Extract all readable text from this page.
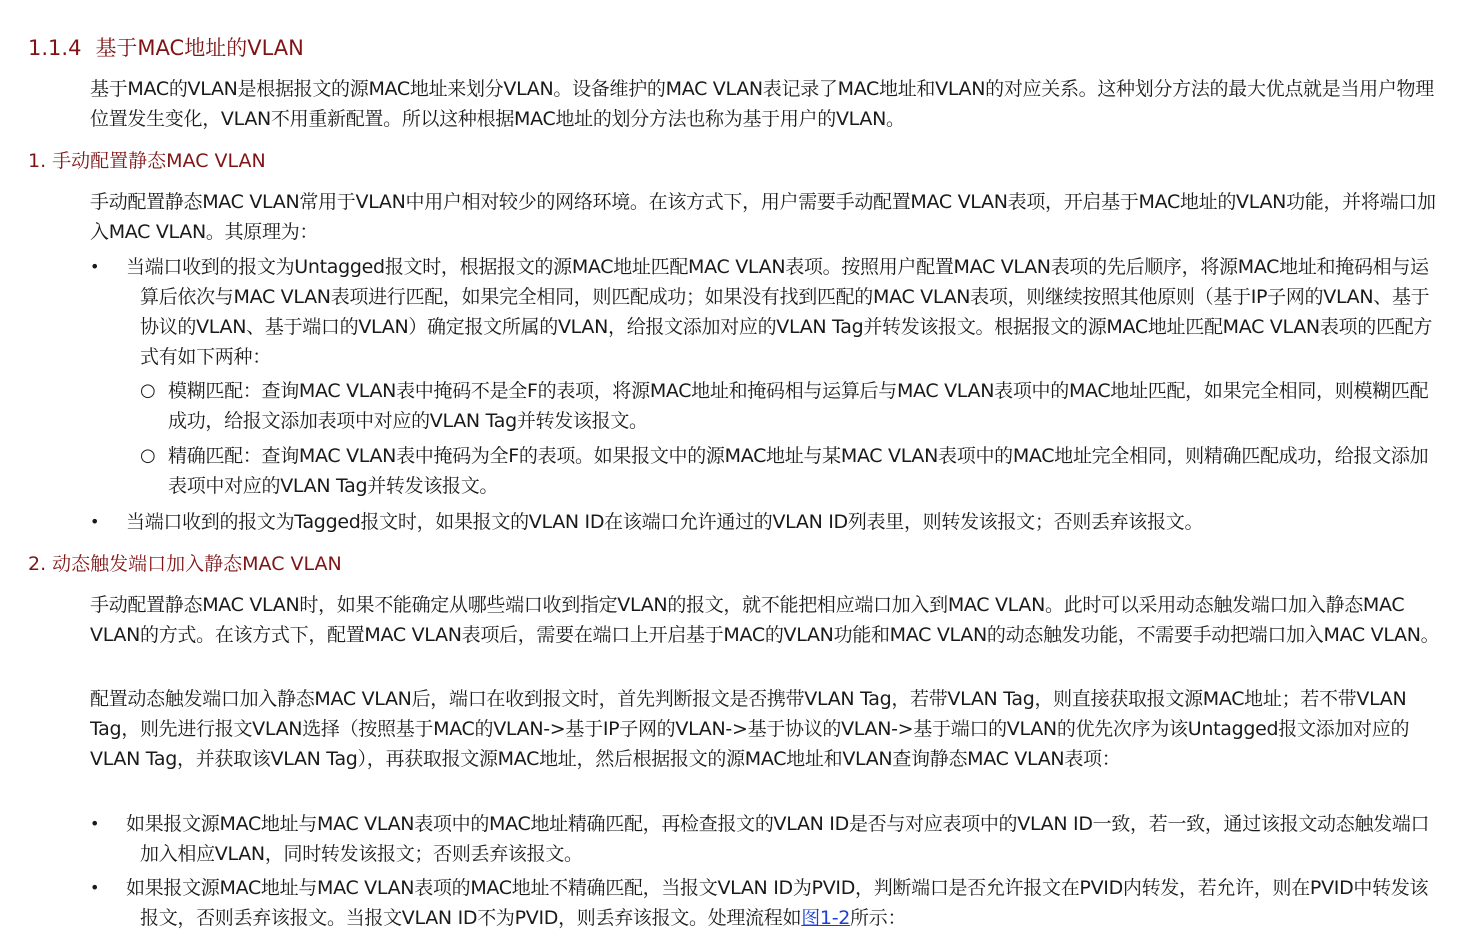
1.1.4 基于MAC地址的VLAN
基于MAC的VLAN是根据报文的源MAC地址来划分VLAN。设备维护的MAC VLAN表记录了MAC地址和VLAN的对应关系。这种划分方法的最大优点就是当用户物理位置发生变化，VLAN不用重新配置。所以这种根据MAC地址的划分方法也称为基于用户的VLAN。
1. 手动配置静态MAC VLAN
手动配置静态MAC VLAN常用于VLAN中用户相对较少的网络环境。在该方式下，用户需要手动配置MAC VLAN表项，开启基于MAC地址的VLAN功能，并将端口加入MAC VLAN。其原理为：
•	当端口收到的报文为Untagged报文时，根据报文的源MAC地址匹配MAC VLAN表项。按照用户配置MAC VLAN表项的先后顺序，将源MAC地址和掩码相与运算后依次与MAC VLAN表项进行匹配，如果完全相同，则匹配成功；如果没有找到匹配的MAC VLAN表项，则继续按照其他原则（基于IP子网的VLAN、基于协议的VLAN、基于端口的VLAN）确定报文所属的VLAN，给报文添加对应的VLAN Tag并转发该报文。根据报文的源MAC地址匹配MAC VLAN表项的匹配方式有如下两种：
○ 模糊匹配：查询MAC VLAN表中掩码不是全F的表项，将源MAC地址和掩码相与运算后与MAC VLAN表项中的MAC地址匹配，如果完全相同，则模糊匹配成功，给报文添加表项中对应的VLAN Tag并转发该报文。
○ 精确匹配：查询MAC VLAN表中掩码为全F的表项。如果报文中的源MAC地址与某MAC VLAN表项中的MAC地址完全相同，则精确匹配成功，给报文添加表项中对应的VLAN Tag并转发该报文。
•	当端口收到的报文为Tagged报文时，如果报文的VLAN ID在该端口允许通过的VLAN ID列表里，则转发该报文；否则丢弃该报文。
2. 动态触发端口加入静态MAC VLAN
手动配置静态MAC VLAN时，如果不能确定从哪些端口收到指定VLAN的报文，就不能把相应端口加入到MAC VLAN。此时可以采用动态触发端口加入静态MAC VLAN的方式。在该方式下，配置MAC VLAN表项后，需要在端口上开启基于MAC的VLAN功能和MAC VLAN的动态触发功能，不需要手动把端口加入MAC VLAN。
配置动态触发端口加入静态MAC VLAN后，端口在收到报文时，首先判断报文是否携带VLAN Tag，若带VLAN Tag，则直接获取报文源MAC地址；若不带VLAN Tag，则先进行报文VLAN选择（按照基于MAC的VLAN->基于IP子网的VLAN->基于协议的VLAN->基于端口的VLAN的优先次序为该Untagged报文添加对应的VLAN Tag，并获取该VLAN Tag），再获取报文源MAC地址，然后根据报文的源MAC地址和VLAN查询静态MAC VLAN表项：
•	如果报文源MAC地址与MAC VLAN表项中的MAC地址精确匹配，再检查报文的VLAN ID是否与对应表项中的VLAN ID一致，若一致，通过该报文动态触发端口加入相应VLAN，同时转发该报文；否则丢弃该报文。
•	如果报文源MAC地址与MAC VLAN表项的MAC地址不精确匹配，当报文VLAN ID为PVID，判断端口是否允许报文在PVID内转发，若允许，则在PVID中转发该报文，否则丢弃该报文。当报文VLAN ID不为PVID，则丢弃该报文。处理流程如图1-2所示：
